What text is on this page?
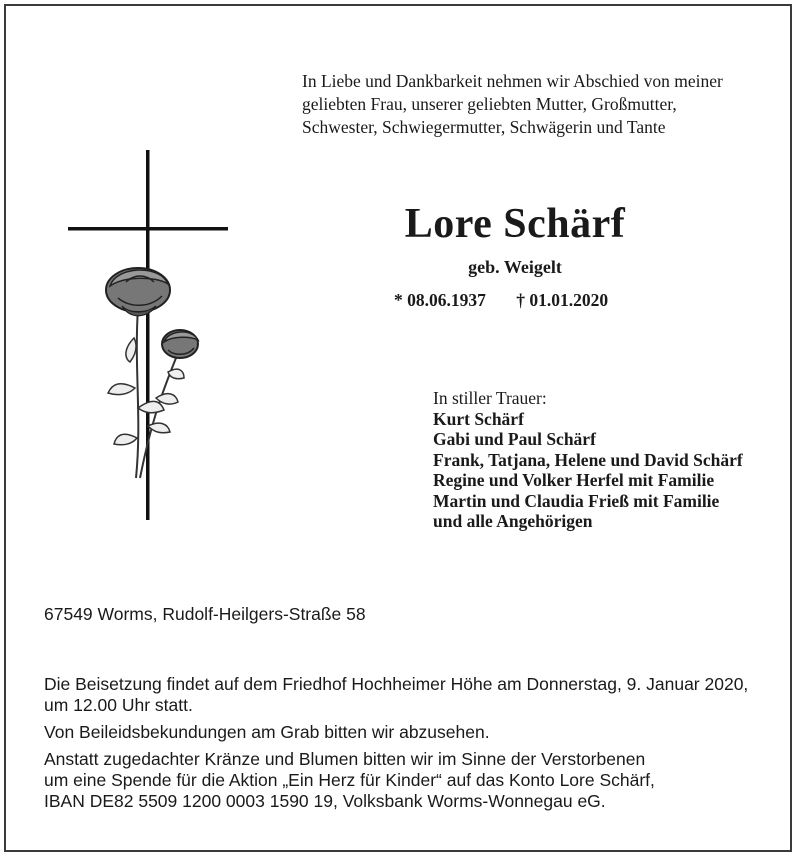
In Liebe und Dankbarkeit nehmen wir Abschied von meiner
geliebten Frau, unserer geliebten Mutter, Großmutter,
Schwester, Schwiegermutter, Schwägerin und Tante
Lore Schärf
geb. Weigelt
* 08.06.1937 † 01.01.2020
In stiller Trauer:
Kurt Schärf
Gabi und Paul Schärf
Frank, Tatjana, Helene und David Schärf
Regine und Volker Herfel mit Familie
Martin und Claudia Frieß mit Familie
und alle Angehörigen
67549 Worms, Rudolf-Heilgers-Straße 58
Die Beisetzung findet auf dem Friedhof Hochheimer Höhe am Donnerstag, 9. Januar 2020,
um 12.00 Uhr statt.
Von Beileidsbekundungen am Grab bitten wir abzusehen.
Anstatt zugedachter Kränze und Blumen bitten wir im Sinne der Verstorbenen
um eine Spende für die Aktion „Ein Herz für Kinder“ auf das Konto Lore Schärf,
IBAN DE82 5509 1200 0003 1590 19, Volksbank Worms-Wonnegau eG.
